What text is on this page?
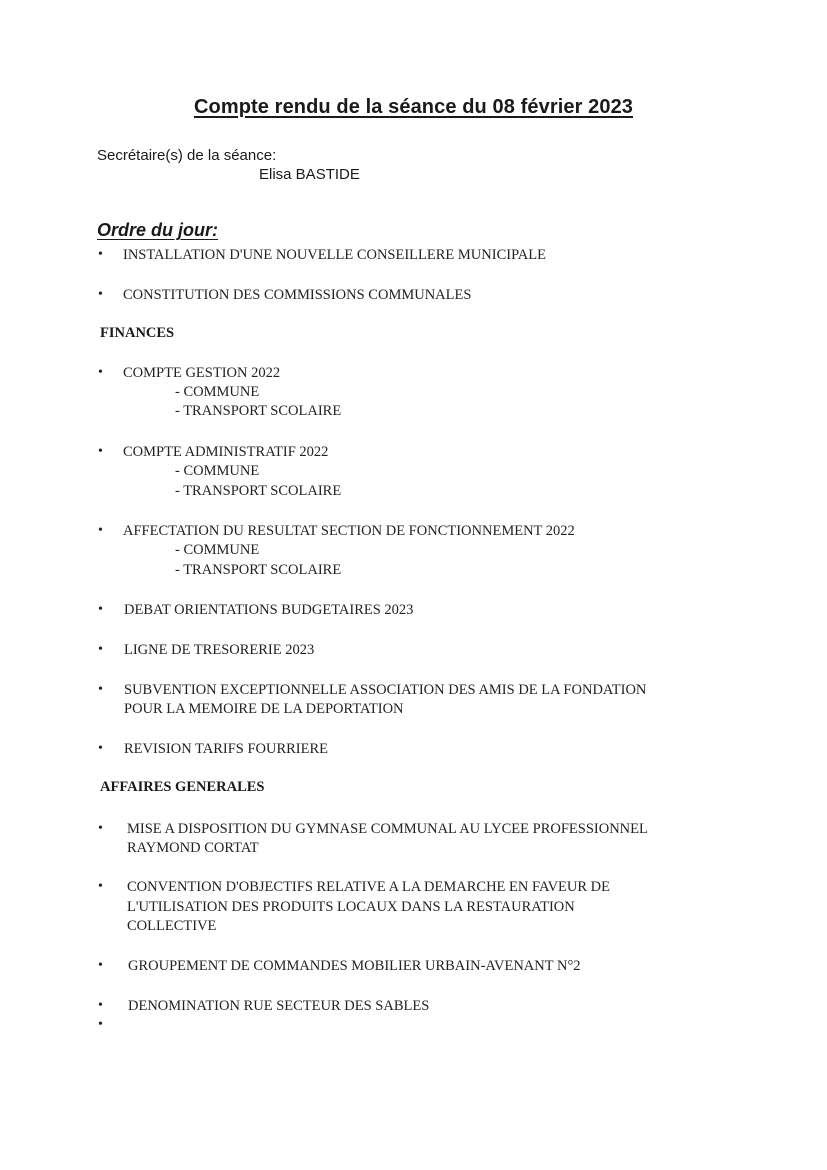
Compte rendu de la séance du 08 février 2023
Secrétaire(s) de la séance:
Elisa BASTIDE
Ordre du jour:
• INSTALLATION D'UNE NOUVELLE CONSEILLERE MUNICIPALE
• CONSTITUTION DES COMMISSIONS COMMUNALES
FINANCES
• COMPTE GESTION 2022
- COMMUNE
- TRANSPORT SCOLAIRE
• COMPTE ADMINISTRATIF 2022
- COMMUNE
- TRANSPORT SCOLAIRE
• AFFECTATION DU RESULTAT SECTION DE FONCTIONNEMENT 2022
- COMMUNE
- TRANSPORT SCOLAIRE
• DEBAT ORIENTATIONS BUDGETAIRES 2023
• LIGNE DE TRESORERIE 2023
• SUBVENTION EXCEPTIONNELLE ASSOCIATION DES AMIS DE LA FONDATION
POUR LA MEMOIRE DE LA DEPORTATION
• REVISION TARIFS FOURRIERE
AFFAIRES GENERALES
• MISE A DISPOSITION DU GYMNASE COMMUNAL AU LYCEE PROFESSIONNEL
RAYMOND CORTAT
• CONVENTION D'OBJECTIFS RELATIVE A LA DEMARCHE EN FAVEUR DE
L'UTILISATION DES PRODUITS LOCAUX DANS LA RESTAURATION
COLLECTIVE
• GROUPEMENT DE COMMANDES MOBILIER URBAIN-AVENANT N°2
• DENOMINATION RUE SECTEUR DES SABLES
•
